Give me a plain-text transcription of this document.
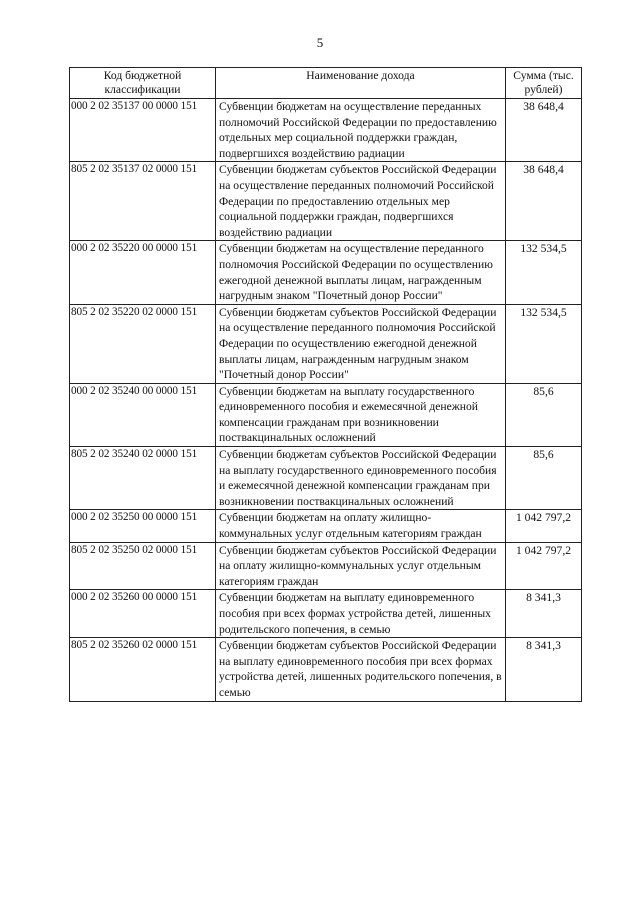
5
Код бюджетной классификации	Наименование дохода	Сумма (тыс. рублей)
000 2 02 35137 00 0000 151	Субвенции бюджетам на осуществление переданных полномочий Российской Федерации по предоставлению отдельных мер социальной поддержки граждан, подвергшихся воздействию радиации	38 648,4
805 2 02 35137 02 0000 151	Субвенции бюджетам субъектов Российской Федерации на осуществление переданных полномочий Российской Федерации по предоставлению отдельных мер социальной поддержки граждан, подвергшихся воздействию радиации	38 648,4
000 2 02 35220 00 0000 151	Субвенции бюджетам на осуществление переданного полномочия Российской Федерации по осуществлению ежегодной денежной выплаты лицам, награжденным нагрудным знаком "Почетный донор России"	132 534,5
805 2 02 35220 02 0000 151	Субвенции бюджетам субъектов Российской Федерации на осуществление переданного полномочия Российской Федерации по осуществлению ежегодной денежной выплаты лицам, награжденным нагрудным знаком "Почетный донор России"	132 534,5
000 2 02 35240 00 0000 151	Субвенции бюджетам на выплату государственного единовременного пособия и ежемесячной денежной компенсации гражданам при возникновении поствакцинальных осложнений	85,6
805 2 02 35240 02 0000 151	Субвенции бюджетам субъектов Российской Федерации на выплату государственного единовременного пособия и ежемесячной денежной компенсации гражданам при возникновении поствакцинальных осложнений	85,6
000 2 02 35250 00 0000 151	Субвенции бюджетам на оплату жилищно-коммунальных услуг отдельным категориям граждан	1 042 797,2
805 2 02 35250 02 0000 151	Субвенции бюджетам субъектов Российской Федерации на оплату жилищно-коммунальных услуг отдельным категориям граждан	1 042 797,2
000 2 02 35260 00 0000 151	Субвенции бюджетам на выплату единовременного пособия при всех формах устройства детей, лишенных родительского попечения, в семью	8 341,3
805 2 02 35260 02 0000 151	Субвенции бюджетам субъектов Российской Федерации на выплату единовременного пособия при всех формах устройства детей, лишенных родительского попечения, в семью	8 341,3
